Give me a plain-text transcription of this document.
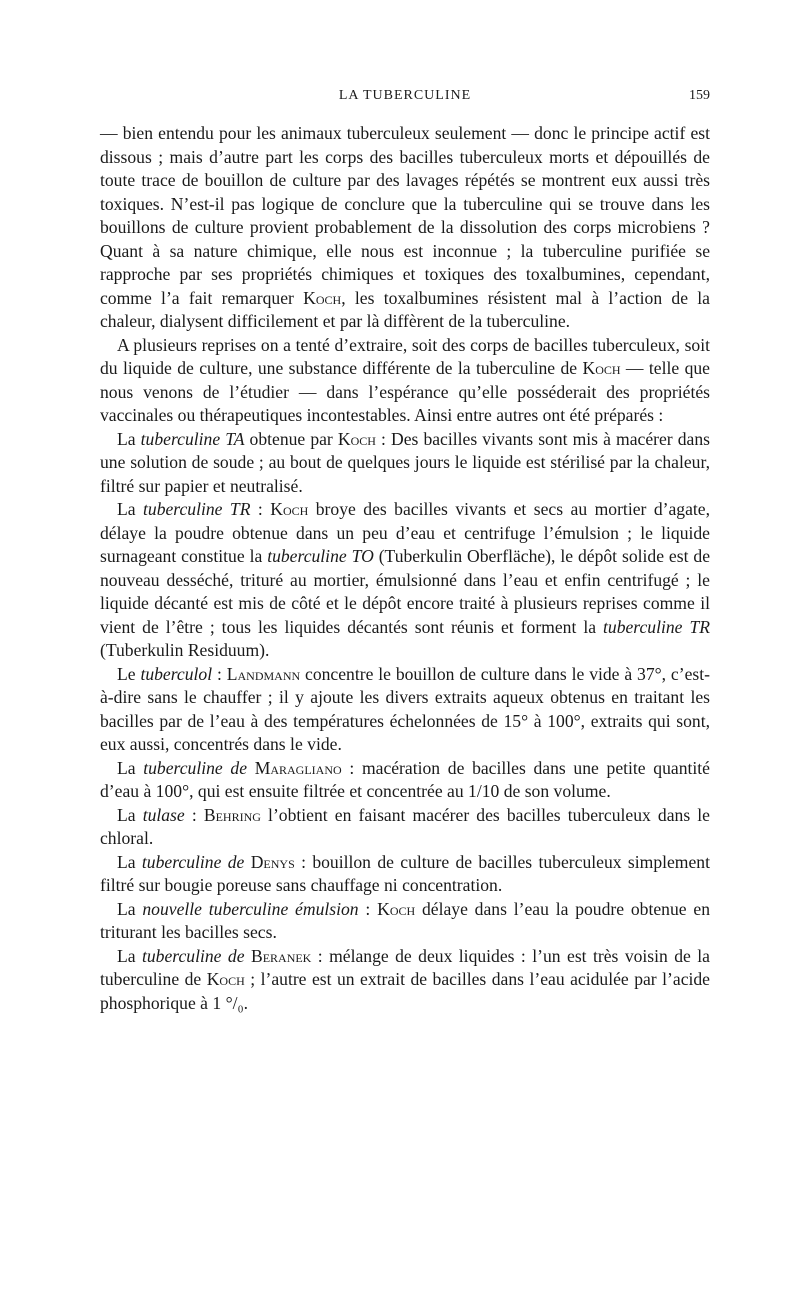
LA TUBERCULINE	159

— bien entendu pour les animaux tuberculeux seulement — donc le principe actif est dissous ; mais d’autre part les corps des bacilles tuberculeux morts et dépouillés de toute trace de bouillon de culture par des lavages répétés se montrent eux aussi très toxiques. N’est-il pas logique de conclure que la tuberculine qui se trouve dans les bouillons de culture provient probablement de la dissolution des corps microbiens ? Quant à sa nature chimique, elle nous est inconnue ; la tuberculine purifiée se rapproche par ses propriétés chimiques et toxiques des toxalbumines, cependant, comme l’a fait remarquer Koch, les toxalbumines résistent mal à l’action de la chaleur, dialysent difficilement et par là diffèrent de la tuberculine.

A plusieurs reprises on a tenté d’extraire, soit des corps de bacilles tuberculeux, soit du liquide de culture, une substance différente de la tuberculine de Koch — telle que nous venons de l’étudier — dans l’espérance qu’elle posséderait des propriétés vaccinales ou thérapeutiques incontestables. Ainsi entre autres ont été préparés :

La tuberculine TA obtenue par Koch : Des bacilles vivants sont mis à macérer dans une solution de soude ; au bout de quelques jours le liquide est stérilisé par la chaleur, filtré sur papier et neutralisé.

La tuberculine TR : Koch broye des bacilles vivants et secs au mortier d’agate, délaye la poudre obtenue dans un peu d’eau et centrifuge l’émulsion ; le liquide surnageant constitue la tuberculine TO (Tuberkulin Oberfläche), le dépôt solide est de nouveau desséché, trituré au mortier, émulsionné dans l’eau et enfin centrifugé ; le liquide décanté est mis de côté et le dépôt encore traité à plusieurs reprises comme il vient de l’être ; tous les liquides décantés sont réunis et forment la tuberculine TR (Tuberkulin Residuum).

Le tuberculol : Landmann concentre le bouillon de culture dans le vide à 37°, c’est-à-dire sans le chauffer ; il y ajoute les divers extraits aqueux obtenus en traitant les bacilles par de l’eau à des températures échelonnées de 15° à 100°, extraits qui sont, eux aussi, concentrés dans le vide.

La tuberculine de Maragliano : macération de bacilles dans une petite quantité d’eau à 100°, qui est ensuite filtrée et concentrée au 1/10 de son volume.

La tulase : Behring l’obtient en faisant macérer des bacilles tuberculeux dans le chloral.

La tuberculine de Denys : bouillon de culture de bacilles tuberculeux simplement filtré sur bougie poreuse sans chauffage ni concentration.

La nouvelle tuberculine émulsion : Koch délaye dans l’eau la poudre obtenue en triturant les bacilles secs.

La tuberculine de Beranek : mélange de deux liquides : l’un est très voisin de la tuberculine de Koch ; l’autre est un extrait de bacilles dans l’eau acidulée par l’acide phosphorique à 1 °/₀.
